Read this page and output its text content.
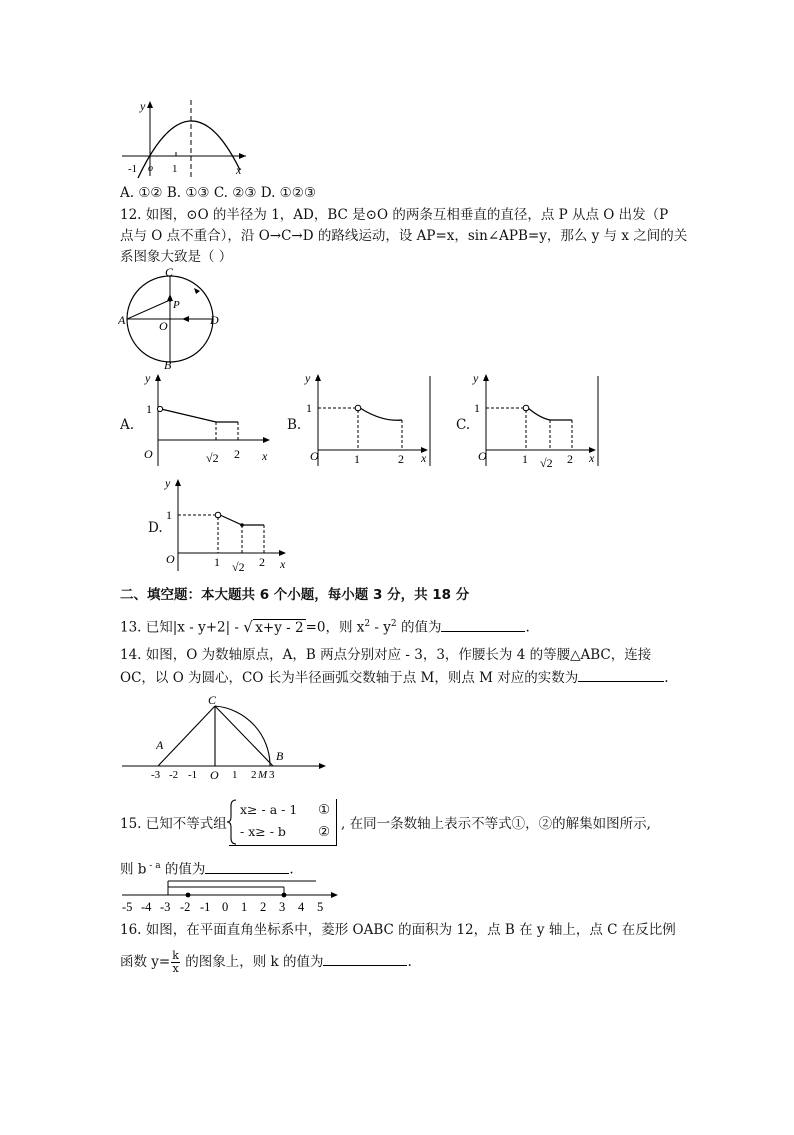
y
x
-1 o 1
A. ①② B. ①③ C. ②③ D. ①②③
12. 如图，⊙O 的半径为 1，AD，BC 是⊙O 的两条互相垂直的直径，点 P 从点 O 出发（P
点与 O 点不重合），沿 O→C→D 的路线运动，设 AP=x，sin∠APB=y，那么 y 与 x 之间的关
系图象大致是（ ）
C
P
A	O	D
B
A.
y
x
O
1
√2 2
B.
y
x
O
1
1	2
C.
y
x
O
1
1 √2 2
D.
y
x
O
1
1 √2 2
二、填空题：本大题共 6 个小题，每小题 3 分，共 18 分
13. 已知|x - y+2| - √ x+y - 2 =0，则 $x^2 - y^2$ 的值为	.
14. 如图，O 为数轴原点，A，B 两点分别对应 - 3，3，作腰长为 4 的等腰△ABC，连接
OC，以 O 为圆心，CO 长为半径画弧交数轴于点 M，则点 M 对应的实数为	.
C
A
B
-3 -2 -1 O 1 2 M 3
15. 已知不等式组
x≥ - a - 1 ①
- x≥ - b ② , 在同一条数轴上表示不等式①，②的解集如图所示,
则 b $^{- a}$ 的值为	.
-5 -4 -3 -2 -1 0 1 2 3 4 5
16. 如图，在平面直角坐标系中，菱形 OABC 的面积为 12，点 B 在 y 轴上，点 C 在反比例
函数 $y= \frac{k}{x}$ 的图象上，则 k 的值为	.
